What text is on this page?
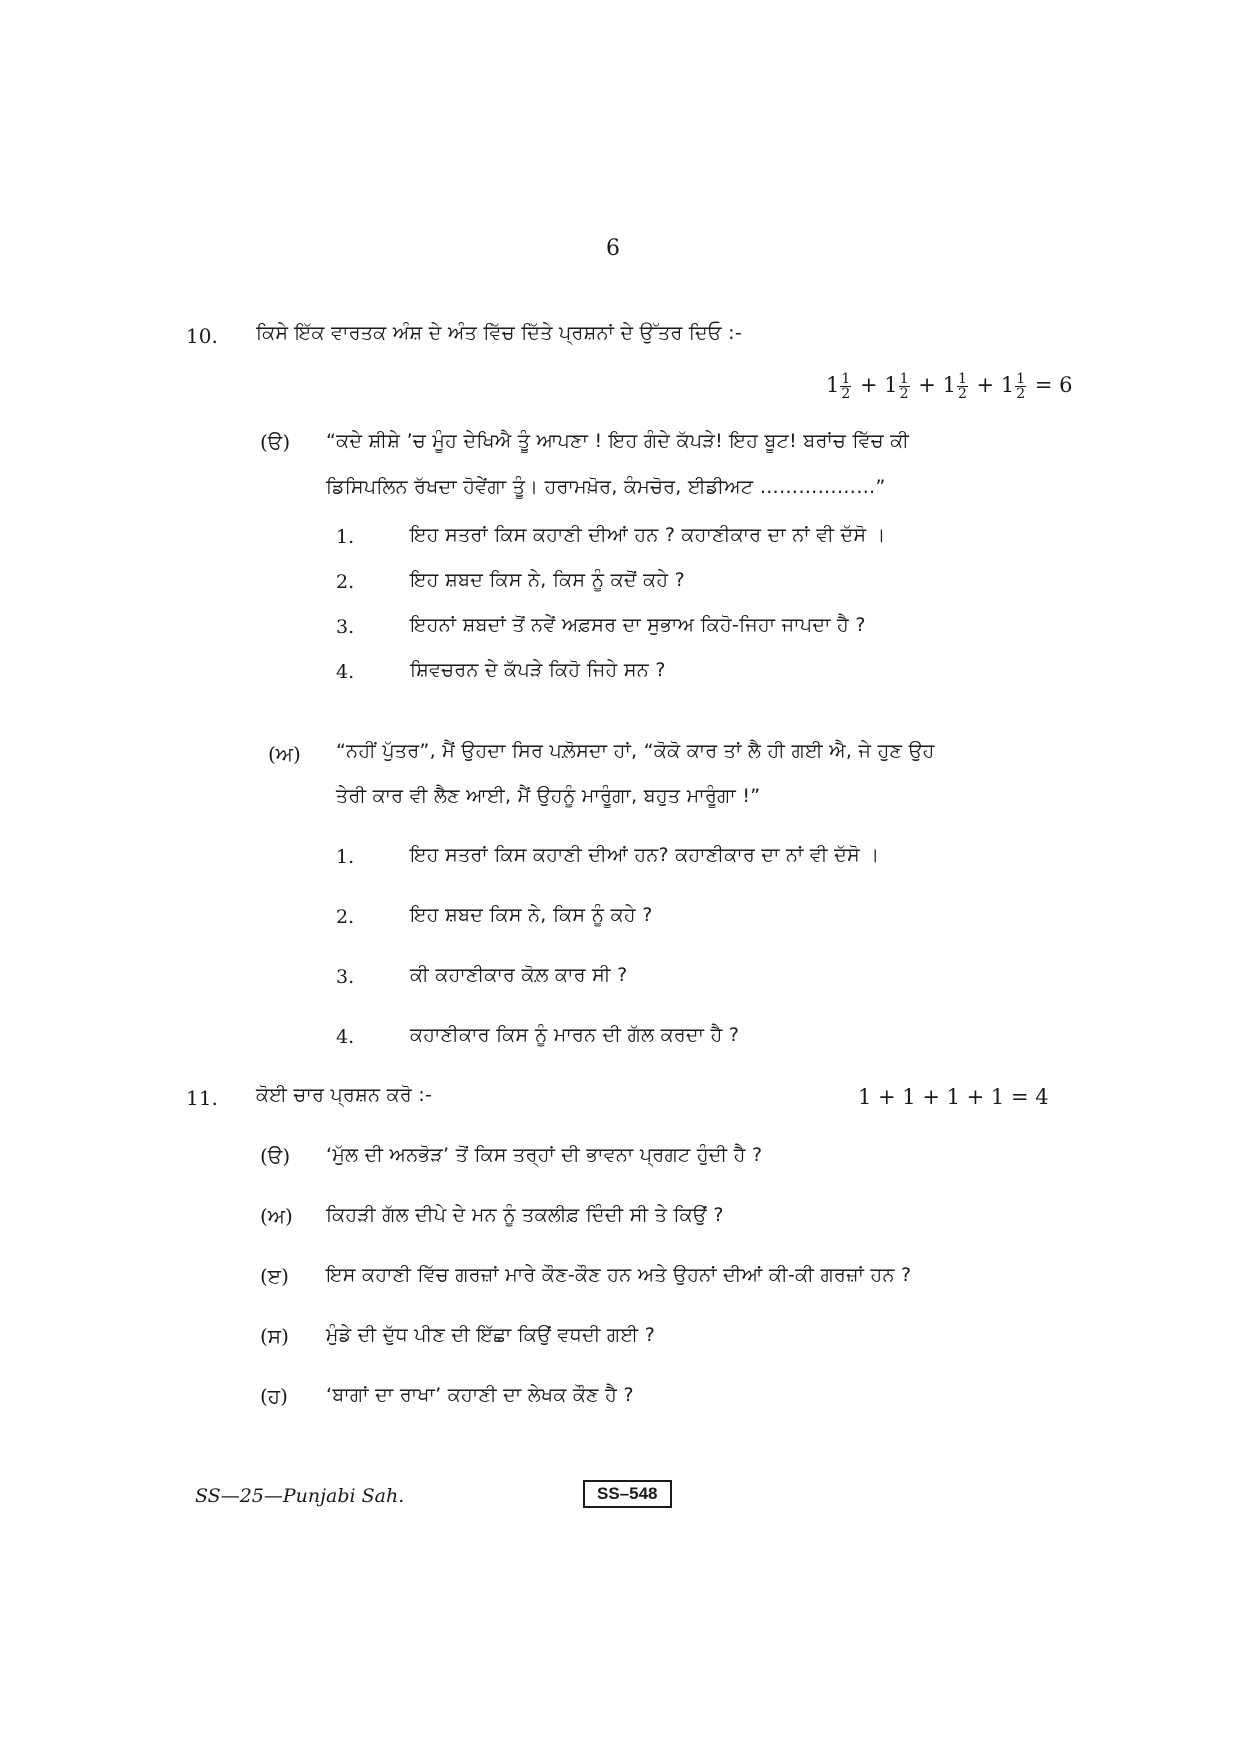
6
10. ਕਿਸੇ ਇੱਕ ਵਾਰਤਕ ਅੰਸ਼ ਦੇ ਅੰਤ ਵਿੱਚ ਦਿੱਤੇ ਪ੍ਰਸ਼ਨਾਂ ਦੇ ਉੱਤਰ ਦਿਓ :-
$1 \frac{1}{2} + 1 \frac{1}{2} + 1 \frac{1}{2} + 1 \frac{1}{2} = 6$
(ੳ) “ਕਦੇ ਸ਼ੀਸ਼ੇ ’ਚ ਮੂੰਹ ਦੇਖਿਐ ਤੂੰ ਆਪਣਾ ! ਇਹ ਗੰਦੇ ਕੱਪੜੇ! ਇਹ ਬੂਟ! ਬਰਾਂਚ ਵਿੱਚ ਕੀ
ਡਿਸਿਪਲਿਨ ਰੱਖਦਾ ਹੋਵੇਂਗਾ ਤੂੰ। ਹਰਾਮਖ਼ੋਰ, ਕੰਮਚੋਰ, ਈਡੀਅਟ ………………”
1.	ਇਹ ਸਤਰਾਂ ਕਿਸ ਕਹਾਣੀ ਦੀਆਂ ਹਨ ? ਕਹਾਣੀਕਾਰ ਦਾ ਨਾਂ ਵੀ ਦੱਸੋ ।
2.	ਇਹ ਸ਼ਬਦ ਕਿਸ ਨੇ, ਕਿਸ ਨੂੰ ਕਦੋਂ ਕਹੇ ?
3.	ਇਹਨਾਂ ਸ਼ਬਦਾਂ ਤੋਂ ਨਵੇਂ ਅਫ਼ਸਰ ਦਾ ਸੁਭਾਅ ਕਿਹੋ-ਜਿਹਾ ਜਾਪਦਾ ਹੈ ?
4.	ਸ਼ਿਵਚਰਨ ਦੇ ਕੱਪੜੇ ਕਿਹੋ ਜਿਹੇ ਸਨ ?
(ਅ) “ਨਹੀਂ ਪੁੱਤਰ”, ਮੈਂ ਉਹਦਾ ਸਿਰ ਪਲ਼ੋਸਦਾ ਹਾਂ, “ਕੋਕੋ ਕਾਰ ਤਾਂ ਲੈ ਹੀ ਗਈ ਐ, ਜੇ ਹੁਣ ਉਹ
ਤੇਰੀ ਕਾਰ ਵੀ ਲੈਣ ਆਈ, ਮੈਂ ਉਹਨੂੰ ਮਾਰੂੰਗਾ, ਬਹੁਤ ਮਾਰੂੰਗਾ !”
1.	ਇਹ ਸਤਰਾਂ ਕਿਸ ਕਹਾਣੀ ਦੀਆਂ ਹਨ? ਕਹਾਣੀਕਾਰ ਦਾ ਨਾਂ ਵੀ ਦੱਸੋ ।
2.	ਇਹ ਸ਼ਬਦ ਕਿਸ ਨੇ, ਕਿਸ ਨੂੰ ਕਹੇ ?
3.	ਕੀ ਕਹਾਣੀਕਾਰ ਕੋਲ਼ ਕਾਰ ਸੀ ?
4.	ਕਹਾਣੀਕਾਰ ਕਿਸ ਨੂੰ ਮਾਰਨ ਦੀ ਗੱਲ ਕਰਦਾ ਹੈ ?
11. ਕੋਈ ਚਾਰ ਪ੍ਰਸ਼ਨ ਕਰੋ :-	1 + 1 + 1 + 1 = 4
(ੳ) ‘ਮੁੱਲ ਦੀ ਅਨਭੋੜ’ ਤੋਂ ਕਿਸ ਤਰ੍ਹਾਂ ਦੀ ਭਾਵਨਾ ਪ੍ਰਗਟ ਹੁੰਦੀ ਹੈ ?
(ਅ) ਕਿਹੜੀ ਗੱਲ ਦੀਪੇ ਦੇ ਮਨ ਨੂੰ ਤਕਲੀਫ਼ ਦਿੰਦੀ ਸੀ ਤੇ ਕਿਉਂ ?
(ੲ) ਇਸ ਕਹਾਣੀ ਵਿੱਚ ਗਰਜ਼ਾਂ ਮਾਰੇ ਕੌਣ-ਕੌਣ ਹਨ ਅਤੇ ਉਹਨਾਂ ਦੀਆਂ ਕੀ-ਕੀ ਗਰਜ਼ਾਂ ਹਨ ?
(ਸ) ਮੁੰਡੇ ਦੀ ਦੁੱਧ ਪੀਣ ਦੀ ਇੱਛਾ ਕਿਉਂ ਵਧਦੀ ਗਈ ?
(ਹ) ‘ਬਾਗਾਂ ਦਾ ਰਾਖਾ’ ਕਹਾਣੀ ਦਾ ਲੇਖਕ ਕੌਣ ਹੈ ?
SS—25—Punjabi Sah.	SS–548
